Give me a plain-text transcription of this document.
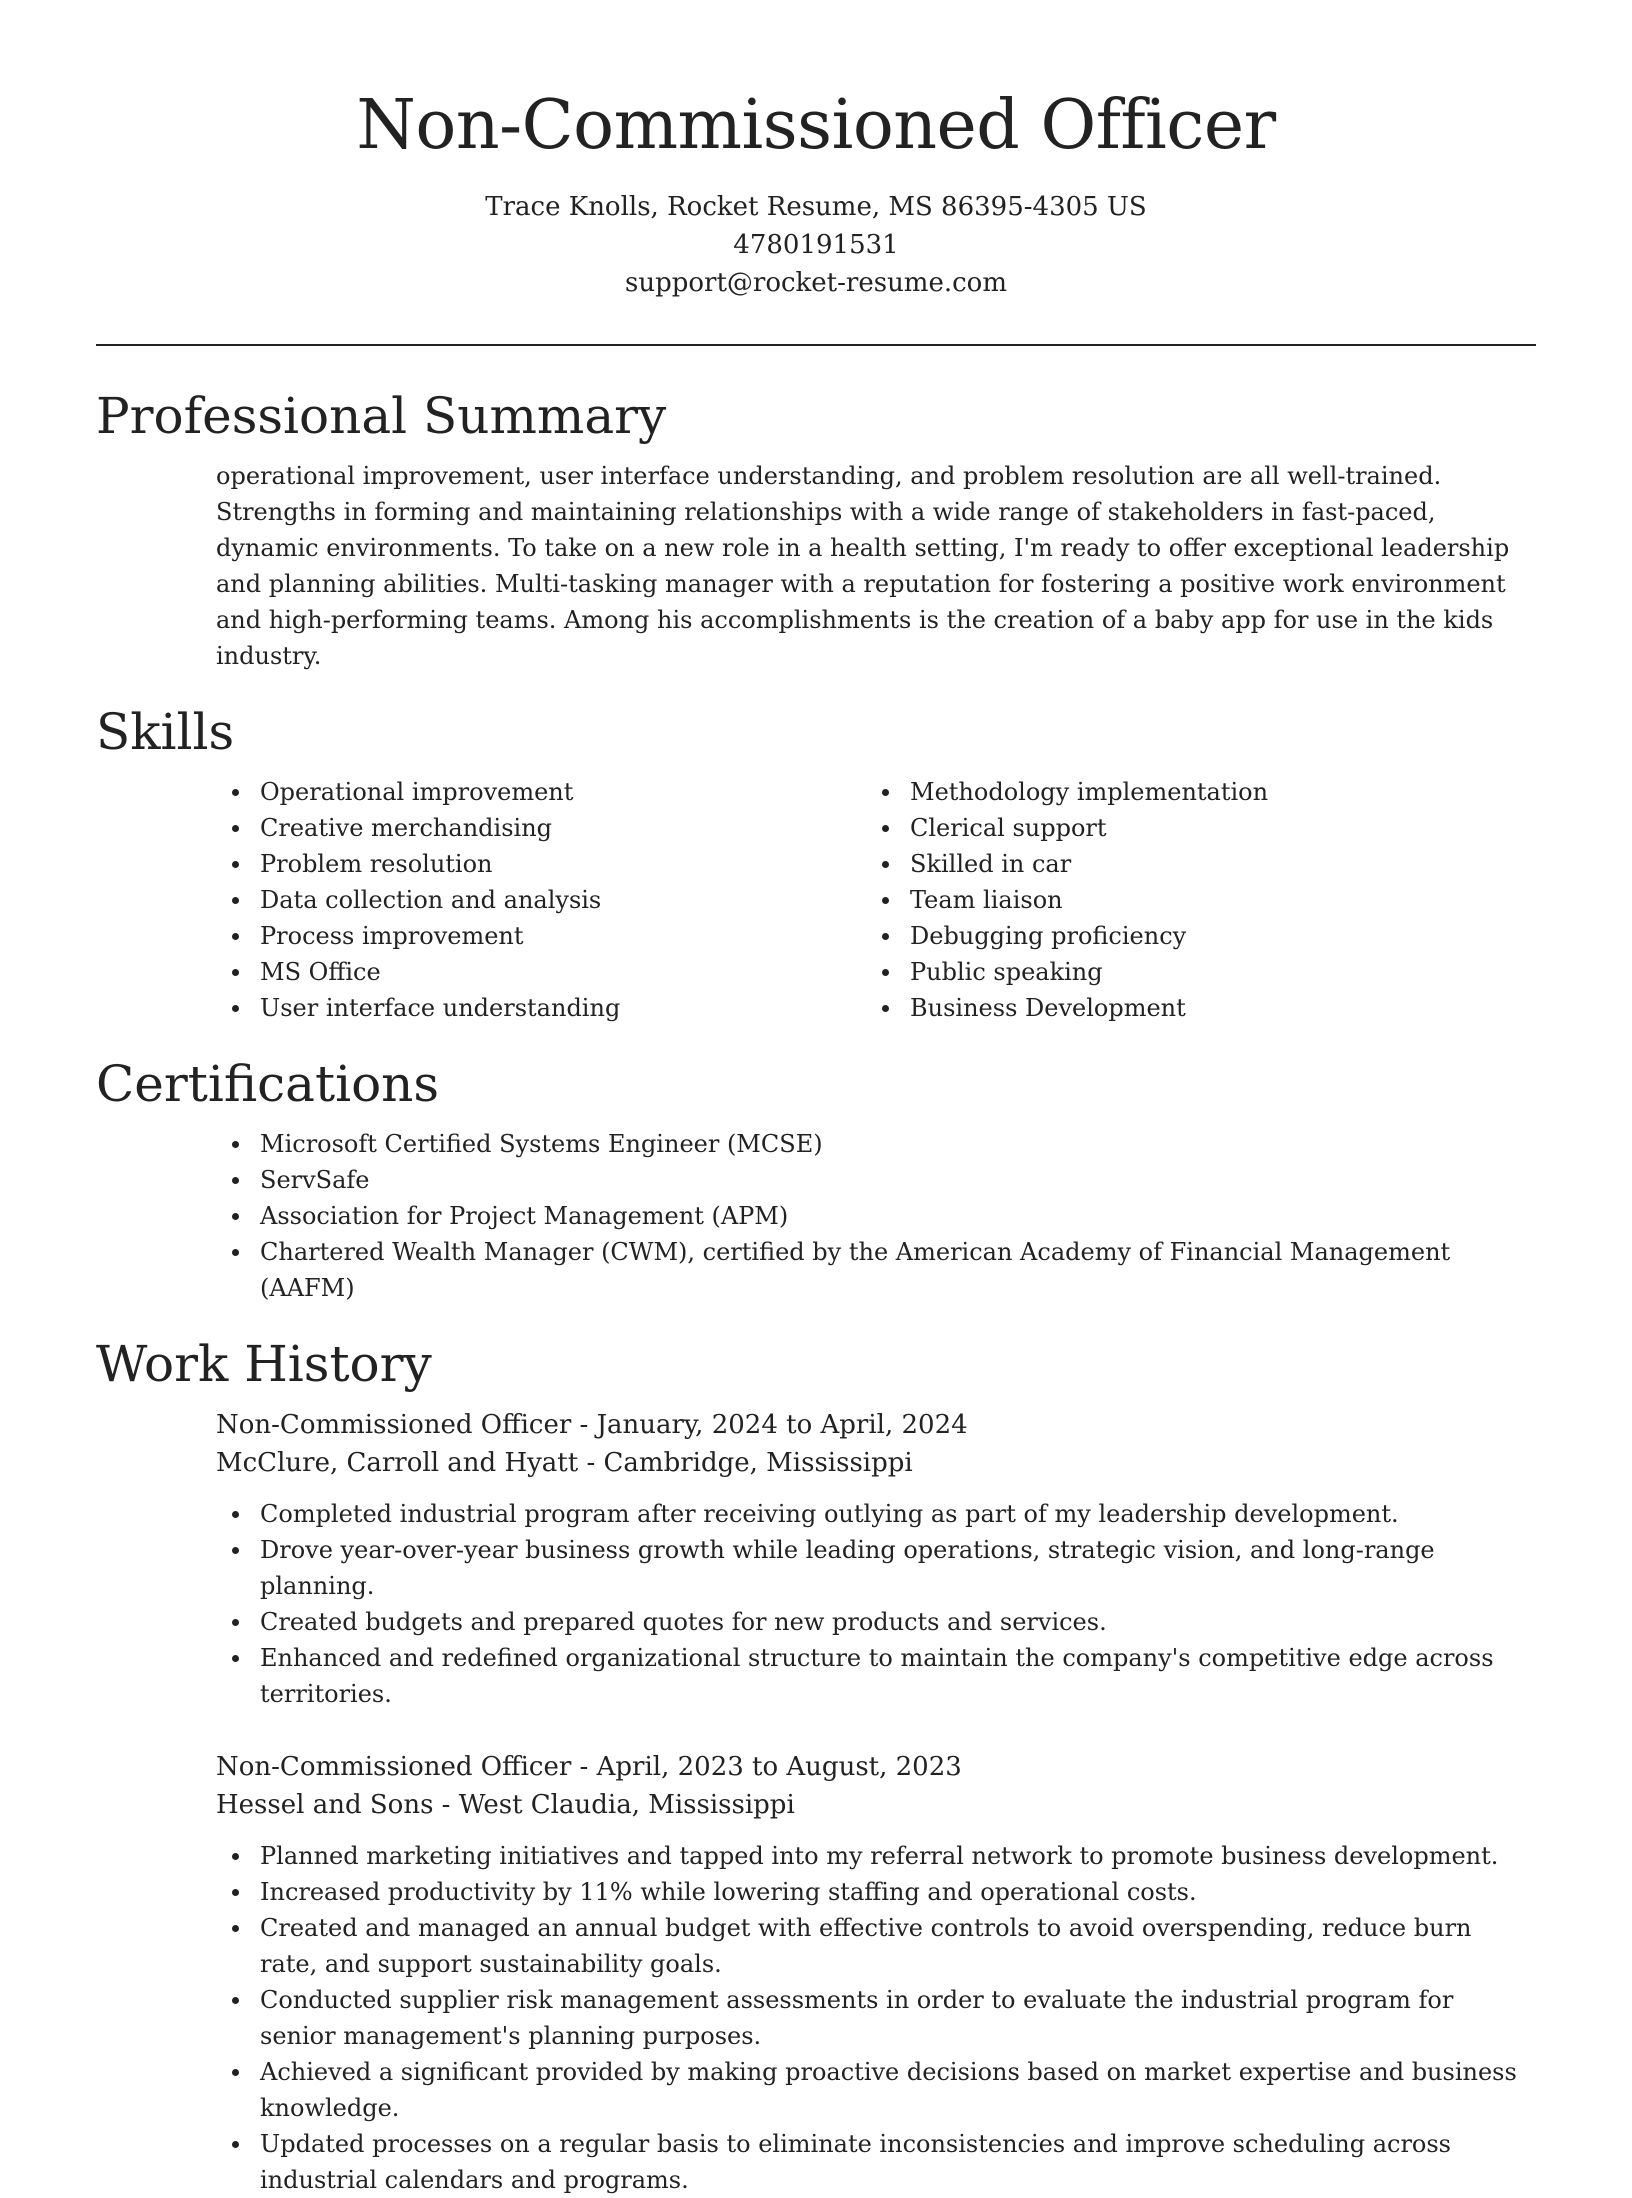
Non-Commissioned Officer

Trace Knolls, Rocket Resume, MS 86395-4305 US

4780191531

support@rocket-resume.com

Professional Summary
operational improvement, user interface understanding, and problem resolution are all well-trained. Strengths in forming and maintaining relationships with a wide range of stakeholders in fast-paced, dynamic environments. To take on a new role in a health setting, I'm ready to offer exceptional leadership and planning abilities. Multi-tasking manager with a reputation for fostering a positive work environment and high-performing teams. Among his accomplishments is the creation of a baby app for use in the kids industry.
Skills
Operational improvement
Creative merchandising
Problem resolution
Data collection and analysis
Process improvement
MS Office
User interface understanding
Methodology implementation
Clerical support
Skilled in car
Team liaison
Debugging proficiency
Public speaking
Business Development
Certifications
Microsoft Certified Systems Engineer (MCSE)
ServSafe
Association for Project Management (APM)
Chartered Wealth Manager (CWM), certified by the American Academy of Financial Management (AAFM)
Work History
Non-Commissioned Officer - January, 2024 to April, 2024
McClure, Carroll and Hyatt - Cambridge, Mississippi
Completed industrial program after receiving outlying as part of my leadership development.
Drove year-over-year business growth while leading operations, strategic vision, and long-range planning.
Created budgets and prepared quotes for new products and services.
Enhanced and redefined organizational structure to maintain the company's competitive edge across territories.
Non-Commissioned Officer - April, 2023 to August, 2023
Hessel and Sons - West Claudia, Mississippi
Planned marketing initiatives and tapped into my referral network to promote business development.
Increased productivity by 11% while lowering staffing and operational costs.
Created and managed an annual budget with effective controls to avoid overspending, reduce burn rate, and support sustainability goals.
Conducted supplier risk management assessments in order to evaluate the industrial program for senior management's planning purposes.
Achieved a significant provided by making proactive decisions based on market expertise and business knowledge.
Updated processes on a regular basis to eliminate inconsistencies and improve scheduling across industrial calendars and programs.
